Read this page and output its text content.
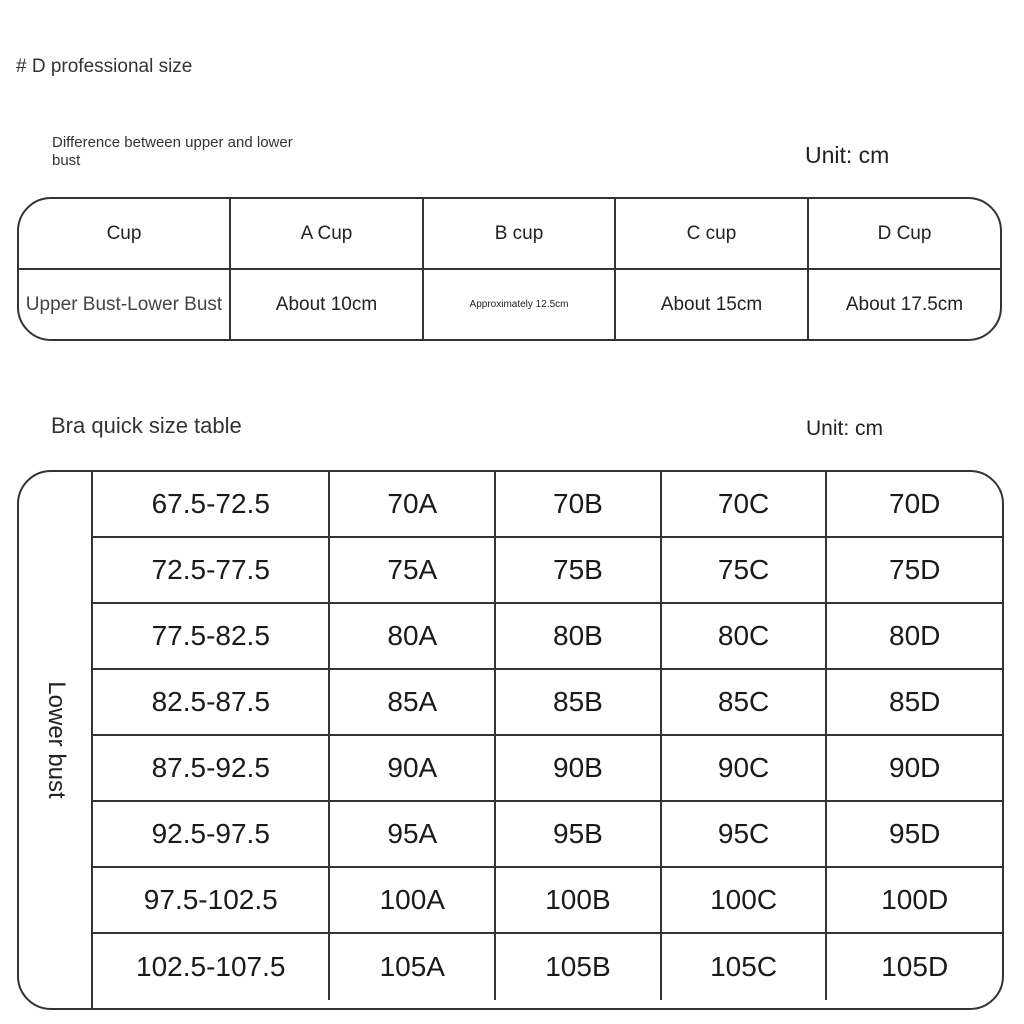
# D professional size
Difference between upper and lower bust	Unit: cm
Cup	A Cup	B cup	C cup	D Cup
Upper Bust-Lower Bust	About 10cm	Approximately 12.5cm	About 15cm	About 17.5cm
Bra quick size table	Unit: cm
Lower bust
67.5-72.5	70A	70B	70C	70D
72.5-77.5	75A	75B	75C	75D
77.5-82.5	80A	80B	80C	80D
82.5-87.5	85A	85B	85C	85D
87.5-92.5	90A	90B	90C	90D
92.5-97.5	95A	95B	95C	95D
97.5-102.5	100A	100B	100C	100D
102.5-107.5	105A	105B	105C	105D
